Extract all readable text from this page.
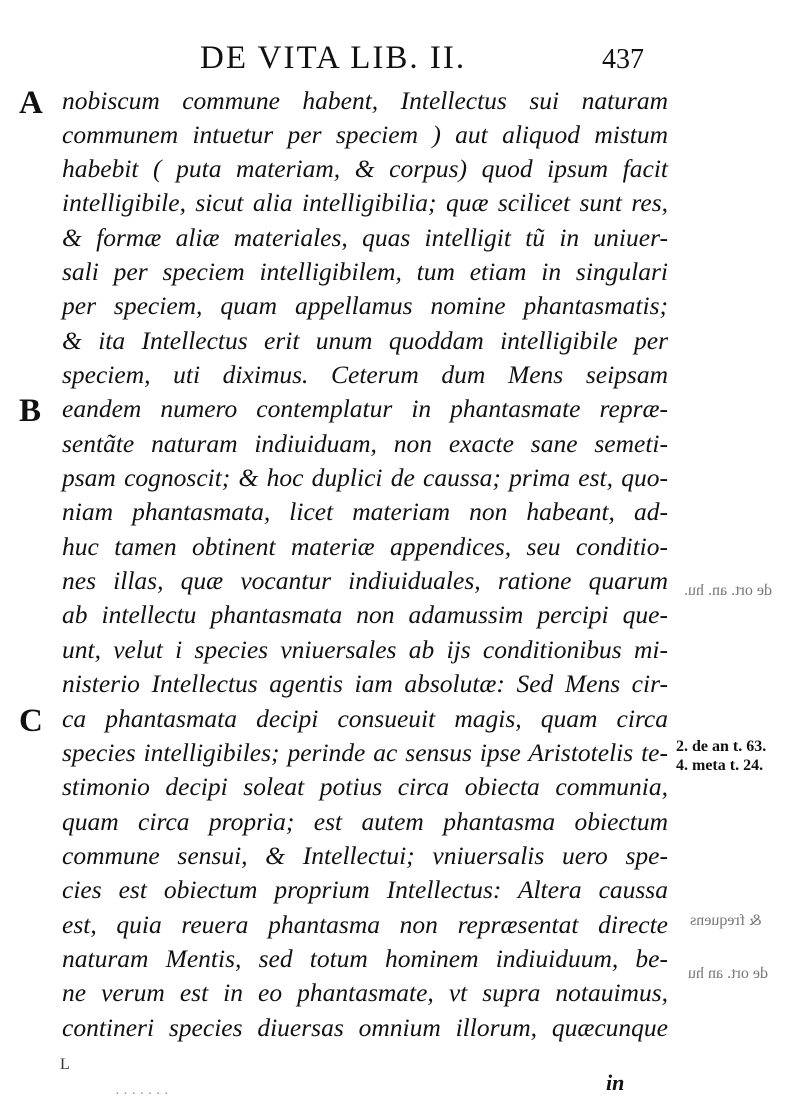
DE VITA LIB. II.	437
A
B
C
nobiscum commune habent, Intellectus sui naturam
communem intuetur per speciem ) aut aliquod mistum
habebit ( puta materiam, & corpus) quod ipsum facit
intelligibile, sicut alia intelligibilia; quæ scilicet sunt res,
& formæ aliæ materiales, quas intelligit tũ in uniuer-
sali per speciem intelligibilem, tum etiam in singulari
per speciem, quam appellamus nomine phantasmatis;
& ita Intellectus erit unum quoddam intelligibile per
speciem, uti diximus. Ceterum dum Mens seipsam
eandem numero contemplatur in phantasmate repræ-
sentãte naturam indiuiduam, non exacte sane semeti-
psam cognoscit; & hoc duplici de caussa; prima est, quo-
niam phantasmata, licet materiam non habeant, ad-
huc tamen obtinent materiæ appendices, seu conditio-
nes illas, quæ vocantur indiuiduales, ratione quarum
ab intellectu phantasmata non adamussim percipi que-
unt, velut i species vniuersales ab ijs conditionibus mi-
nisterio Intellectus agentis iam absolutæ: Sed Mens cir-
ca phantasmata decipi consueuit magis, quam circa
species intelligibiles; perinde ac sensus ipse Aristotelis te-
stimonio decipi soleat potius circa obiecta communia,
quam circa propria; est autem phantasma obiectum
commune sensui, & Intellectui; vniuersalis uero spe-
cies est obiectum proprium Intellectus: Altera caussa
est, quia reuera phantasma non repræsentat directe
naturam Mentis, sed totum hominem indiuiduum, be-
ne verum est in eo phantasmate, vt supra notauimus,
contineri species diuersas omnium illorum, quæcunque
2. de an t. 63.
4. meta t. 24.
de ort. an. hu.
de ort. an hu
& frequens
in
L
· · · · · · ·
